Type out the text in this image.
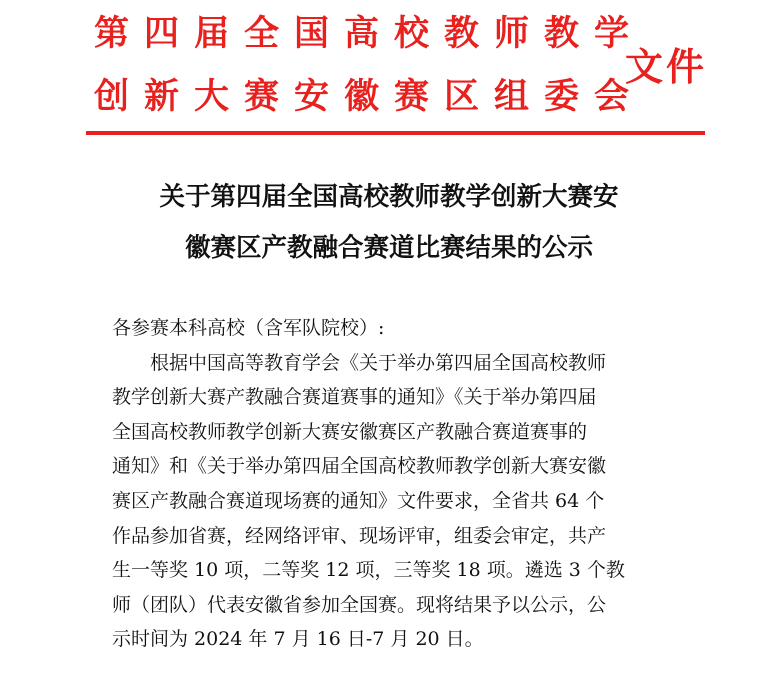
第四届全国高校教师教学
创新大赛安徽赛区组委会
文件
关于第四届全国高校教师教学创新大赛安
徽赛区产教融合赛道比赛结果的公示
各参赛本科高校（含军队院校）:
根据中国高等教育学会《关于举办第四届全国高校教师
教学创新大赛产教融合赛道赛事的通知》《关于举办第四届
全国高校教师教学创新大赛安徽赛区产教融合赛道赛事的
通知》和《关于举办第四届全国高校教师教学创新大赛安徽
赛区产教融合赛道现场赛的通知》文件要求，全省共 64 个
作品参加省赛，经网络评审、现场评审，组委会审定，共产
生一等奖 10 项，二等奖 12 项，三等奖 18 项。遴选 3 个教
师（团队）代表安徽省参加全国赛。现将结果予以公示，公
示时间为 2024 年 7 月 16 日-7 月 20 日。
